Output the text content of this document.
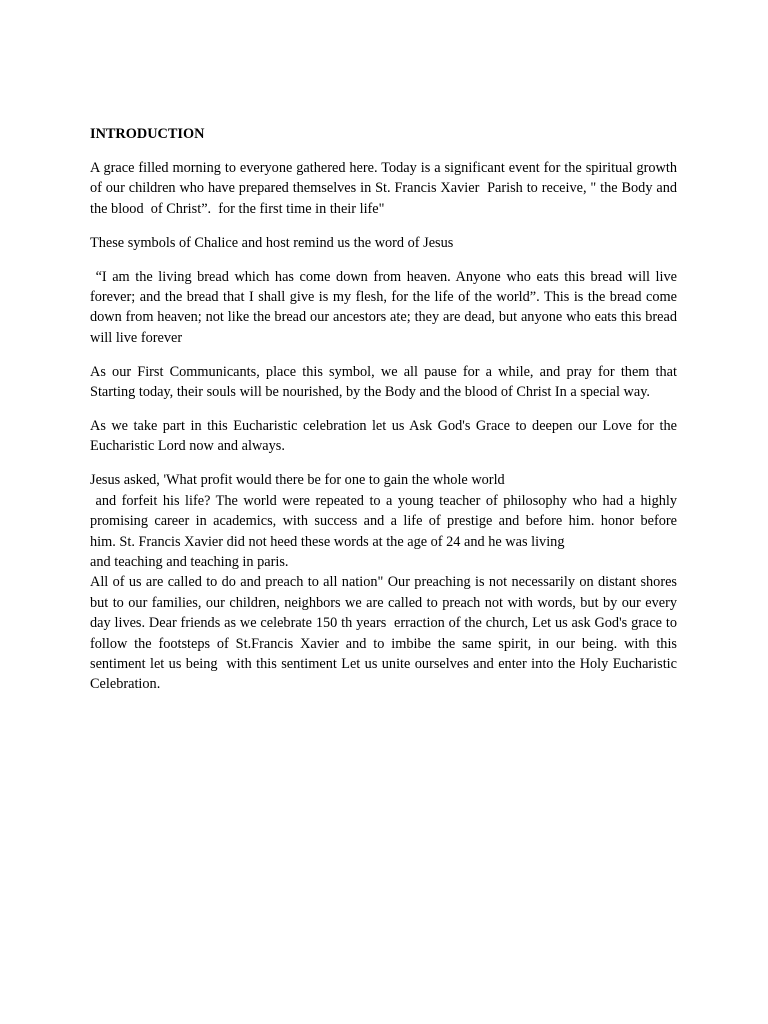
INTRODUCTION

A grace filled morning to everyone gathered here. Today is a significant event for the spiritual growth of our children who have prepared themselves in St. Francis Xavier  Parish to receive, " the Body and the blood  of Christ”.  for the first time in their life"

These symbols of Chalice and host remind us the word of Jesus

“I am the living bread which has come down from heaven. Anyone who eats this bread will live forever; and the bread that I shall give is my flesh, for the life of the world”. This is the bread come down from heaven; not like the bread our ancestors ate; they are dead, but anyone who eats this bread will live forever

As our First Communicants, place this symbol, we all pause for a while, and pray for them that Starting today, their souls will be nourished, by the Body and the blood of Christ In a special way.

As we take part in this Eucharistic celebration let us Ask God's Grace to deepen our Love for the Eucharistic Lord now and always.

Jesus asked, 'What profit would there be for one to gain the whole world
and forfeit his life? The world were repeated to a young teacher of philosophy who had a highly
promising career in academics, with success and a life of prestige and before him. honor before
him. St. Francis Xavier did not heed these words at the age of 24 and he was living
and teaching and teaching in paris.

All of us are called to do and preach to all nation" Our preaching is not necessarily on distant shores but to our families, our children, neighbors we are called to preach not with words, but by our every day lives. Dear friends as we celebrate 150 th years  erraction of the church, Let us ask God's grace to follow the footsteps of St.Francis Xavier and to imbibe the same spirit, in our being. with this sentiment let us being  with this sentiment Let us unite ourselves and enter into the Holy Eucharistic Celebration.
